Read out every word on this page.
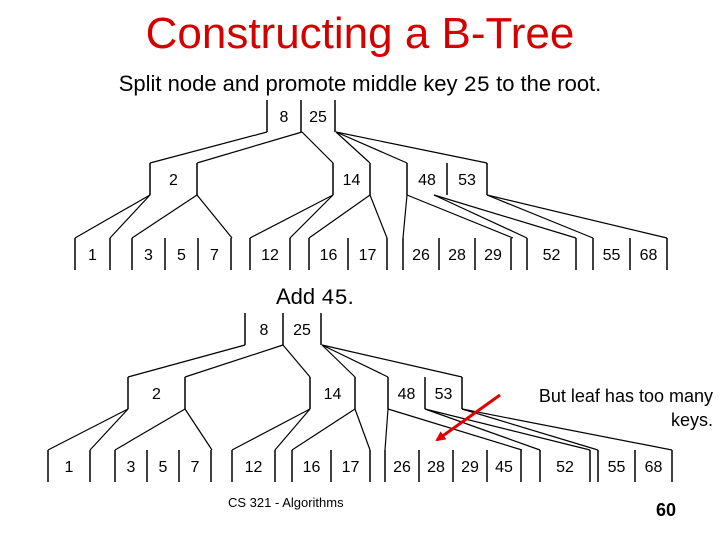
Constructing a B-Tree
Split node and promote middle key 25 to the root.
8 25
2	14	48 53
1	3 5 7	12	16 17 26 28 29	52	55 68
8 25
2	14	48 53
1	3 5 7	12	16 17 26 28 29 45	52 55 68
Add 45.
But leaf has too many keys.
CS 321 - Algorithms	60
